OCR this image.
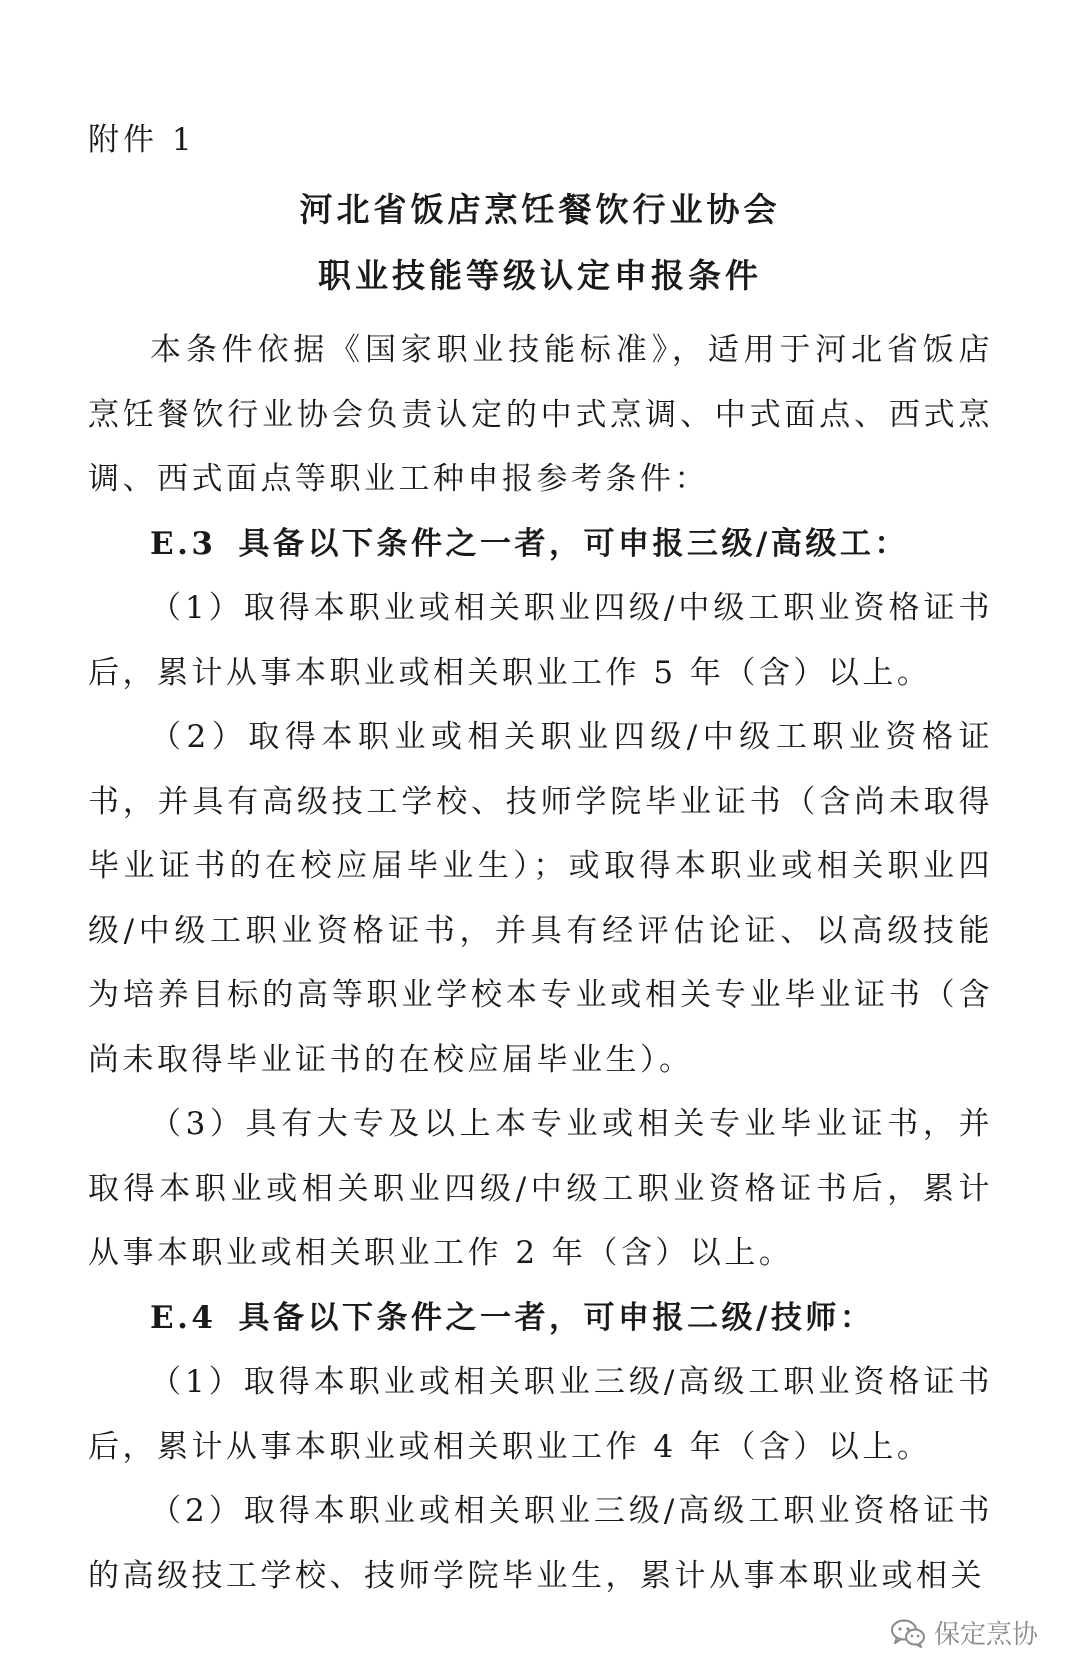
附件 1
河北省饭店烹饪餐饮行业协会
职业技能等级认定申报条件

本条件依据《国家职业技能标准》，适用于河北省饭店烹饪餐饮行业协会负责认定的中式烹调、中式面点、西式烹调、西式面点等职业工种申报参考条件：

E.3 具备以下条件之一者，可申报三级/高级工：

（1）取得本职业或相关职业四级/中级工职业资格证书后，累计从事本职业或相关职业工作 5 年（含）以上。

（2）取得本职业或相关职业四级/中级工职业资格证书，并具有高级技工学校、技师学院毕业证书（含尚未取得毕业证书的在校应届毕业生）；或取得本职业或相关职业四级/中级工职业资格证书，并具有经评估论证、以高级技能为培养目标的高等职业学校本专业或相关专业毕业证书（含尚未取得毕业证书的在校应届毕业生）。

（3）具有大专及以上本专业或相关专业毕业证书，并取得本职业或相关职业四级/中级工职业资格证书后，累计从事本职业或相关职业工作 2 年（含）以上。

E.4 具备以下条件之一者，可申报二级/技师：

（1）取得本职业或相关职业三级/高级工职业资格证书后，累计从事本职业或相关职业工作 4 年（含）以上。

（2）取得本职业或相关职业三级/高级工职业资格证书的高级技工学校、技师学院毕业生，累计从事本职业或相关

保定烹协
